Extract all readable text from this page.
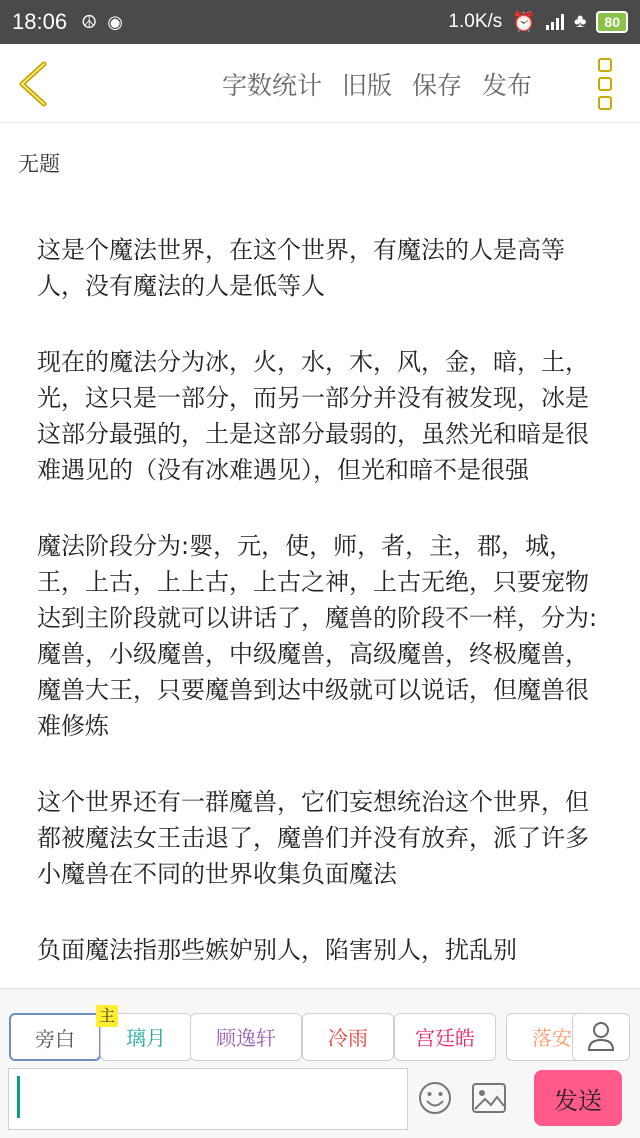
18:06 ☮ ◉	1.0K/s ⏰ ♣	80
字数统计 旧版 保存 发布
无题

这是个魔法世界，在这个世界，有魔法的人是高等人，没有魔法的人是低等人

现在的魔法分为冰，火，水，木，风，金，暗，土，光，这只是一部分，而另一部分并没有被发现，冰是这部分最强的，土是这部分最弱的，虽然光和暗是很难遇见的（没有冰难遇见），但光和暗不是很强

魔法阶段分为:婴，元，使，师，者，主，郡，城，王，上古，上上古，上古之神，上古无绝，只要宠物达到主阶段就可以讲话了，魔兽的阶段不一样，分为:魔兽，小级魔兽，中级魔兽，高级魔兽，终极魔兽，魔兽大王，只要魔兽到达中级就可以说话，但魔兽很难修炼

这个世界还有一群魔兽，它们妄想统治这个世界，但都被魔法女王击退了，魔兽们并没有放弃，派了许多小魔兽在不同的世界收集负面魔法

负面魔法指那些嫉妒别人，陷害别人，扰乱别

旁白	璃月
主
顾逸轩	冷雨	宫廷皓	落安
发送
